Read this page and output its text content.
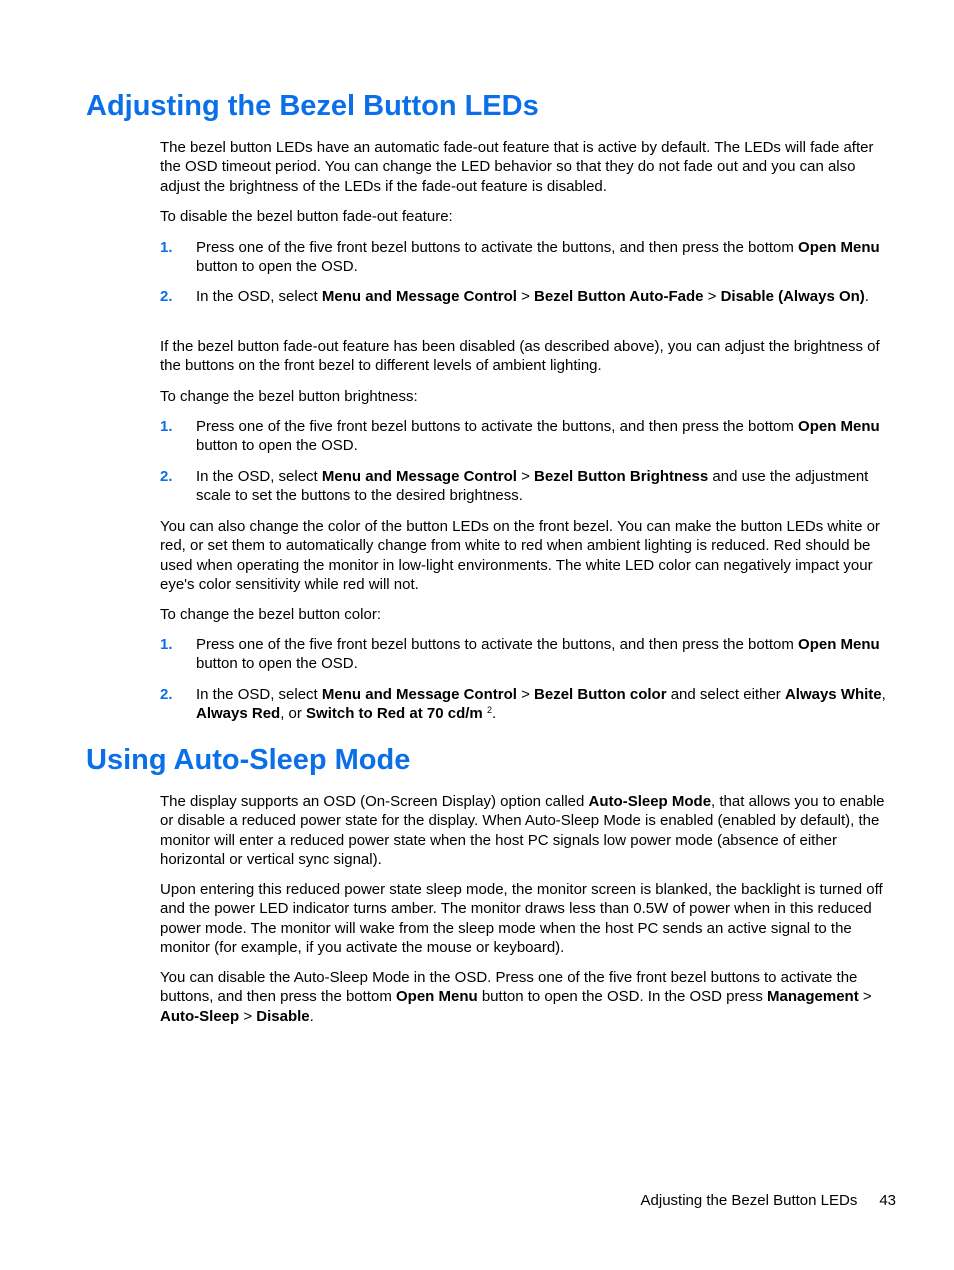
Adjusting the Bezel Button LEDs

The bezel button LEDs have an automatic fade-out feature that is active by default. The LEDs will fade after the OSD timeout period. You can change the LED behavior so that they do not fade out and you can also adjust the brightness of the LEDs if the fade-out feature is disabled.

To disable the bezel button fade-out feature:

1. Press one of the five front bezel buttons to activate the buttons, and then press the bottom Open Menu button to open the OSD.
2. In the OSD, select Menu and Message Control > Bezel Button Auto-Fade > Disable (Always On).

If the bezel button fade-out feature has been disabled (as described above), you can adjust the brightness of the buttons on the front bezel to different levels of ambient lighting.

To change the bezel button brightness:

1. Press one of the five front bezel buttons to activate the buttons, and then press the bottom Open Menu button to open the OSD.
2. In the OSD, select Menu and Message Control > Bezel Button Brightness and use the adjustment scale to set the buttons to the desired brightness.

You can also change the color of the button LEDs on the front bezel. You can make the button LEDs white or red, or set them to automatically change from white to red when ambient lighting is reduced. Red should be used when operating the monitor in low-light environments. The white LED color can negatively impact your eye's color sensitivity while red will not.

To change the bezel button color:

1. Press one of the five front bezel buttons to activate the buttons, and then press the bottom Open Menu button to open the OSD.
2. In the OSD, select Menu and Message Control > Bezel Button color and select either Always White, Always Red, or Switch to Red at 70 cd/m $^2$.
Using Auto-Sleep Mode

The display supports an OSD (On-Screen Display) option called Auto-Sleep Mode, that allows you to enable or disable a reduced power state for the display. When Auto-Sleep Mode is enabled (enabled by default), the monitor will enter a reduced power state when the host PC signals low power mode (absence of either horizontal or vertical sync signal).

Upon entering this reduced power state sleep mode, the monitor screen is blanked, the backlight is turned off and the power LED indicator turns amber. The monitor draws less than 0.5W of power when in this reduced power mode. The monitor will wake from the sleep mode when the host PC sends an active signal to the monitor (for example, if you activate the mouse or keyboard).

You can disable the Auto-Sleep Mode in the OSD. Press one of the five front bezel buttons to activate the buttons, and then press the bottom Open Menu button to open the OSD. In the OSD press Management > Auto-Sleep > Disable.

Adjusting the Bezel Button LEDs 43
